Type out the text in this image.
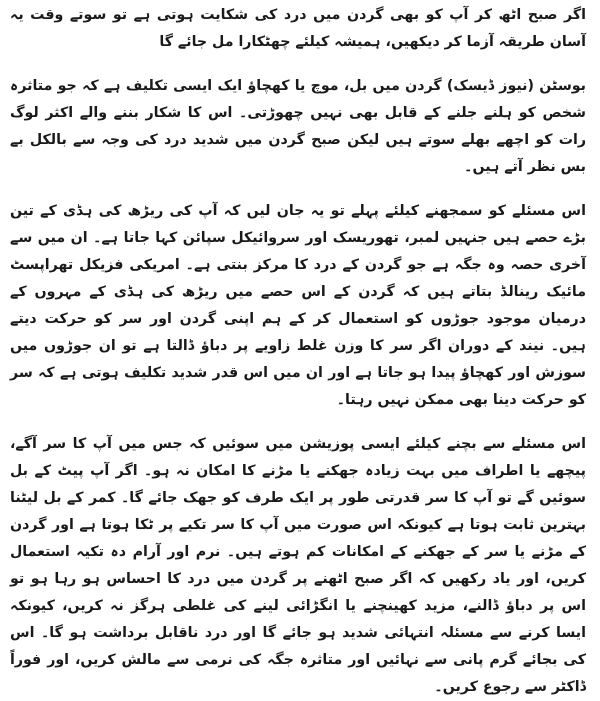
اگر صبح اٹھ کر آپ کو بھی گردن میں درد کی شکایت ہوتی ہے تو سوتے وقت یہ آسان طریقہ آزما کر دیکھیں، ہمیشہ کیلئے چھٹکارا مل جائے گا

بوسٹن (نیوز ڈیسک) گردن میں بل، موچ یا کھچاؤ ایک ایسی تکلیف ہے کہ جو متاثرہ شخص کو ہلنے جلنے کے قابل بھی نہیں چھوڑتی۔ اس کا شکار بننے والے اکثر لوگ رات کو اچھے بھلے سوتے ہیں لیکن صبح گردن میں شدید درد کی وجہ سے بالکل بے بس نظر آتے ہیں۔

اس مسئلے کو سمجھنے کیلئے پہلے تو یہ جان لیں کہ آپ کی ریڑھ کی ہڈی کے تین بڑے حصے ہیں جنہیں لمبر، تھوریسک اور سروائیکل سپائن کہا جاتا ہے۔ ان میں سے آخری حصہ وہ جگہ ہے جو گردن کے درد کا مرکز بنتی ہے۔ امریکی فزیکل تھراپسٹ مائیک رینالڈ بتاتے ہیں کہ گردن کے اس حصے میں ریڑھ کی ہڈی کے مہروں کے درمیان موجود جوڑوں کو استعمال کر کے ہم اپنی گردن اور سر کو حرکت دیتے ہیں۔ نیند کے دوران اگر سر کا وزن غلط زاویے پر دباؤ ڈالتا ہے تو ان جوڑوں میں سوزش اور کھچاؤ پیدا ہو جاتا ہے اور ان میں اس قدر شدید تکلیف ہوتی ہے کہ سر کو حرکت دینا بھی ممکن نہیں رہتا۔

اس مسئلے سے بچنے کیلئے ایسی پوزیشن میں سوئیں کہ جس میں آپ کا سر آگے، پیچھے یا اطراف میں بہت زیادہ جھکنے یا مڑنے کا امکان نہ ہو۔ اگر آپ پیٹ کے بل سوئیں گے تو آپ کا سر قدرتی طور پر ایک طرف کو جھک جائے گا۔ کمر کے بل لیٹنا بہترین ثابت ہوتا ہے کیونکہ اس صورت میں آپ کا سر تکیے پر ٹکا ہوتا ہے اور گردن کے مڑنے یا سر کے جھکنے کے امکانات کم ہوتے ہیں۔ نرم اور آرام دہ تکیہ استعمال کریں، اور یاد رکھیں کہ اگر صبح اٹھنے پر گردن میں درد کا احساس ہو رہا ہو تو اس پر دباؤ ڈالنے، مزید کھینچنے یا انگڑائی لینے کی غلطی ہرگز نہ کریں، کیونکہ ایسا کرنے سے مسئلہ انتہائی شدید ہو جائے گا اور درد ناقابل برداشت ہو گا۔ اس کی بجائے گرم پانی سے نہائیں اور متاثرہ جگہ کی نرمی سے مالش کریں، اور فوراً ڈاکٹر سے رجوع کریں۔
